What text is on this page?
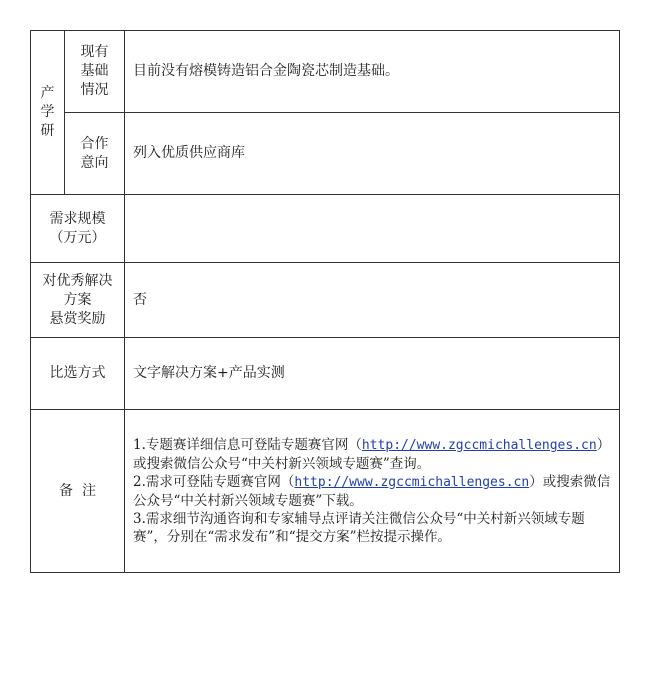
产学研	现有
基础
情况	目前没有熔模铸造铝合金陶瓷芯制造基础。

	合作
意向	列入优质供应商库

需求规模
（万元）		

对优秀解决
方案
悬赏奖励		否
比选方式		文字解决方案+产品实测
备  注		1.专题赛详细信息可登陆专题赛官网（http://www.zgccmichallenges.cn）或搜索微信公众号“中关村新兴领域专题赛”查询。
2.需求可登陆专题赛官网（http://www.zgccmichallenges.cn）或搜索微信公众号“中关村新兴领域专题赛”下载。
3.需求细节沟通咨询和专家辅导点评请关注微信公众号“中关村新兴领域专题赛”，分别在“需求发布”和“提交方案”栏按提示操作。
